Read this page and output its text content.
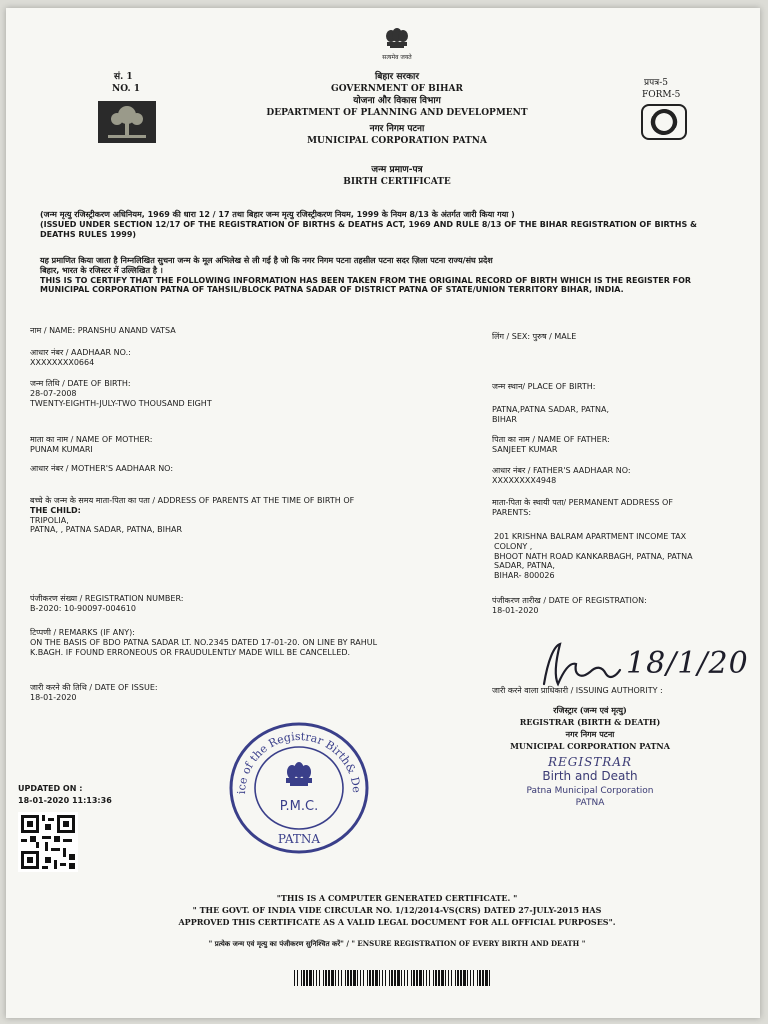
सत्यमेव जयते
सं. 1
NO. 1
प्रपत्र-5
FORM-5
बिहार सरकार
GOVERNMENT OF BIHAR
योजना और विकास विभाग
DEPARTMENT OF PLANNING AND DEVELOPMENT
नगर निगम पटना
MUNICIPAL CORPORATION PATNA
जन्म प्रमाण-पत्र
BIRTH CERTIFICATE
(जन्म मृत्यु रजिस्ट्रीकरण अधिनियम, 1969 की धारा 12 / 17 तथा बिहार जन्म मृत्यु रजिस्ट्रीकरण नियम, 1999 के नियम 8/13 के अंतर्गत जारी किया गया )
(ISSUED UNDER SECTION 12/17 OF THE REGISTRATION OF BIRTHS & DEATHS ACT, 1969 AND RULE 8/13 OF THE BIHAR REGISTRATION OF BIRTHS &
DEATHS RULES 1999)
यह प्रमाणित किया जाता है निम्नलिखित सुचना जन्म के मूल अभिलेख से ली गई है जो कि नगर निगम पटना तहसील पटना सदर ज़िला पटना राज्य/संघ प्रदेश
बिहार, भारत के रजिस्टर में उल्लिखित है ।
THIS IS TO CERTIFY THAT THE FOLLOWING INFORMATION HAS BEEN TAKEN FROM THE ORIGINAL RECORD OF BIRTH WHICH IS THE REGISTER FOR
MUNICIPAL CORPORATION PATNA OF TAHSIL/BLOCK PATNA SADAR OF DISTRICT PATNA OF STATE/UNION TERRITORY BIHAR, INDIA.
नाम / NAME: PRANSHU ANAND VATSA
लिंग / SEX: पुरुष / MALE
आधार नंबर / AADHAAR NO.:
XXXXXXXX0664
जन्म तिथि / DATE OF BIRTH:
28-07-2008
TWENTY-EIGHTH-JULY-TWO THOUSAND EIGHT
जन्म स्थान/ PLACE OF BIRTH:
PATNA,PATNA SADAR, PATNA,
BIHAR
माता का नाम / NAME OF MOTHER:
PUNAM KUMARI
पिता का नाम / NAME OF FATHER:
SANJEET KUMAR
आधार नंबर / MOTHER'S AADHAAR NO:	आधार नंबर / FATHER'S AADHAAR NO:
XXXXXXXX4948
बच्चे के जन्म के समय माता-पिता का पता / ADDRESS OF PARENTS AT THE TIME OF BIRTH OF
THE CHILD:
TRIPOLIA,
PATNA, , PATNA SADAR, PATNA, BIHAR
माता-पिता के स्थायी पता/ PERMANENT ADDRESS OF
PARENTS:
201 KRISHNA BALRAM APARTMENT INCOME TAX
COLONY ,
BHOOT NATH ROAD KANKARBAGH, PATNA, PATNA
SADAR, PATNA,
BIHAR- 800026
पंजीकरण संख्या / REGISTRATION NUMBER:
B-2020: 10-90097-004610
पंजीकरण तारीख / DATE OF REGISTRATION:
18-01-2020
टिप्पणी / REMARKS (IF ANY):
ON THE BASIS OF BDO PATNA SADAR LT. NO.2345 DATED 17-01-20. ON LINE BY RAHUL
K.BAGH. IF FOUND ERRONEOUS OR FRAUDULENTLY MADE WILL BE CANCELLED.
जारी करने की तिथि / DATE OF ISSUE:
18-01-2020
18/1/20
जारी करने वाला प्राधिकारी / ISSUING AUTHORITY :
रजिस्ट्रार (जन्म एवं मृत्यु)
REGISTRAR (BIRTH & DEATH)
नगर निगम पटना
MUNICIPAL CORPORATION PATNA
REGISTRAR
Birth and Death
Patna Municipal Corporation
PATNA
ice of the Registrar Birth& De
P.M.C.
PATNA
UPDATED ON :
18-01-2020 11:13:36
"THIS IS A COMPUTER GENERATED CERTIFICATE. "
" THE GOVT. OF INDIA VIDE CIRCULAR NO. 1/12/2014-VS(CRS) DATED 27-JULY-2015 HAS
APPROVED THIS CERTIFICATE AS A VALID LEGAL DOCUMENT FOR ALL OFFICIAL PURPOSES".
" प्रत्येक जन्म एवं मृत्यु का पंजीकरण सुनिश्चित करें" / " ENSURE REGISTRATION OF EVERY BIRTH AND DEATH "
